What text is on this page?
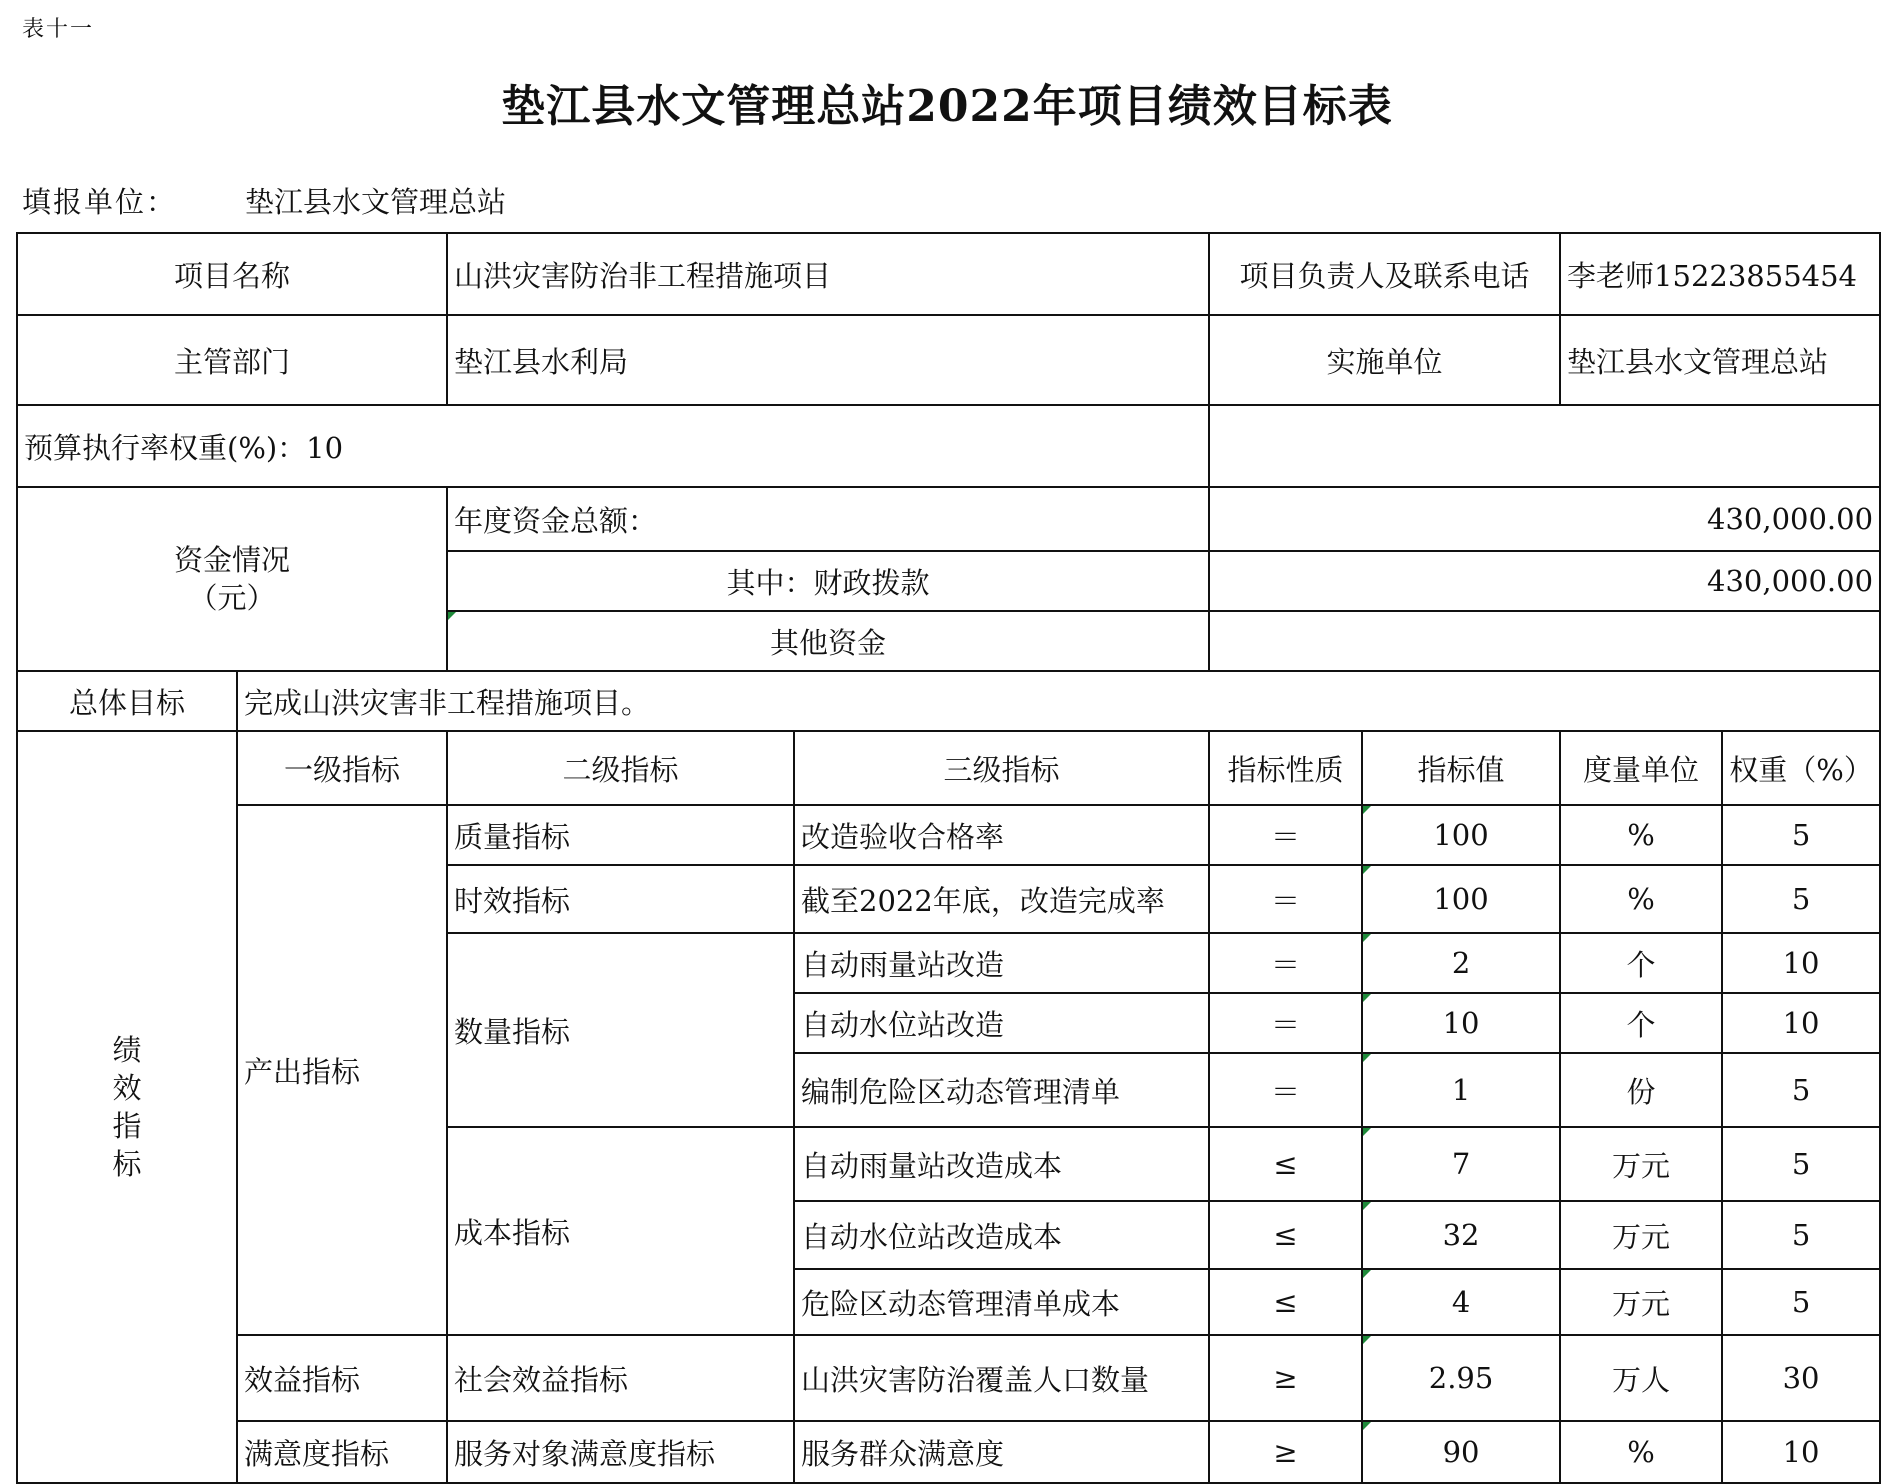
表十一
垫江县水文管理总站2022年项目绩效目标表
填报单位： 垫江县水文管理总站
项目名称		山洪灾害防治非工程措施项目		项目负责人及联系电话		李老师15223855454	
主管部门		垫江县水利局		实施单位		垫江县水文管理总站	
预算执行率权重(%)：10							
资金情况
（元）		年度资金总额：		430,000.00			
		其中：财政拨款		430,000.00			
		其他资金					
总体目标	完成山洪灾害非工程措施项目。						
绩效指标	一级指标	二级指标	三级指标	指标性质	指标值	度量单位	权重（%）
	产出指标	质量指标	改造验收合格率	＝	100	%	5
		时效指标	截至2022年底，改造完成率	＝	100	%	5
		数量指标	自动雨量站改造	＝	2	个	10
			自动水位站改造	＝	10	个	10
			编制危险区动态管理清单	＝	1	份	5
		成本指标	自动雨量站改造成本	≤	7	万元	5
			自动水位站改造成本	≤	32	万元	5
			危险区动态管理清单成本	≤	4	万元	5
	效益指标	社会效益指标	山洪灾害防治覆盖人口数量	≥	2.95	万人	30
	满意度指标	服务对象满意度指标	服务群众满意度	≥	90	%	10
